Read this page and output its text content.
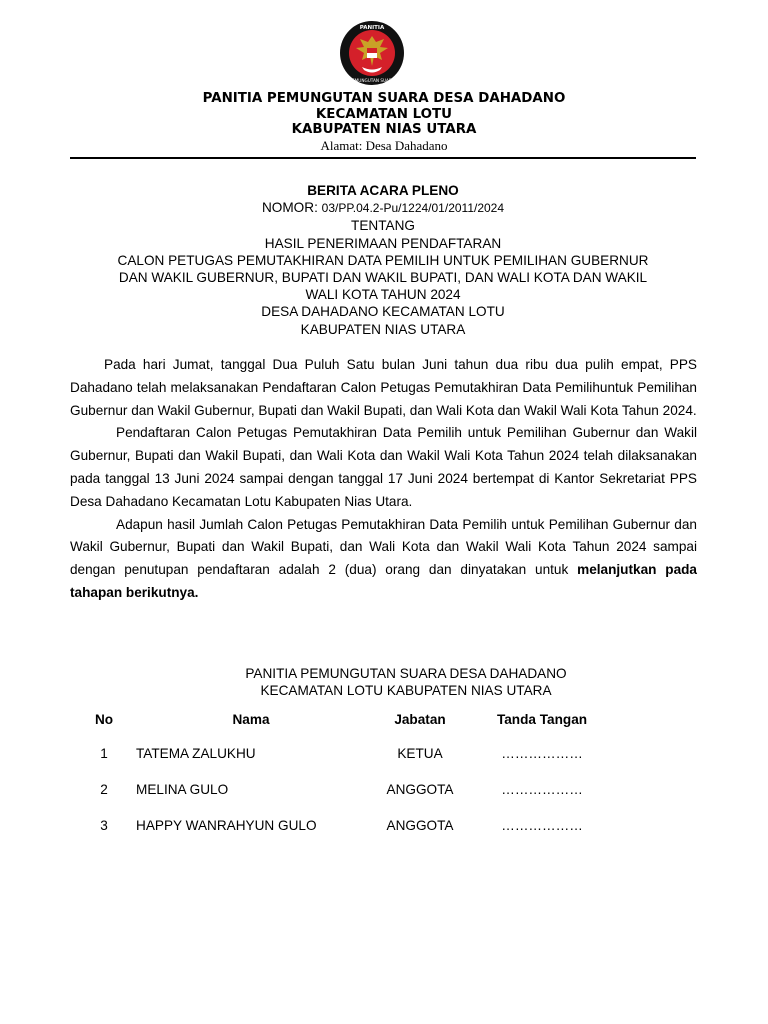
PANITIA
PEMUNGUTAN SUARA
PANITIA PEMUNGUTAN SUARA DESA DAHADANO
KECAMATAN LOTU
KABUPATEN NIAS UTARA
Alamat: Desa Dahadano
BERITA ACARA PLENO
NOMOR: 03/PP.04.2-Pu/1224/01/2011/2024
TENTANG
HASIL PENERIMAAN PENDAFTARAN
CALON PETUGAS PEMUTAKHIRAN DATA PEMILIH UNTUK PEMILIHAN GUBERNUR
DAN WAKIL GUBERNUR, BUPATI DAN WAKIL BUPATI, DAN WALI KOTA DAN WAKIL
WALI KOTA TAHUN 2024
DESA DAHADANO KECAMATAN LOTU
KABUPATEN NIAS UTARA

Pada hari Jumat, tanggal Dua Puluh Satu bulan Juni tahun dua ribu dua pulih empat, PPS Dahadano telah melaksanakan Pendaftaran Calon Petugas Pemutakhiran Data Pemilihuntuk Pemilihan Gubernur dan Wakil Gubernur, Bupati dan Wakil Bupati, dan Wali Kota dan Wakil Wali Kota Tahun 2024.

Pendaftaran Calon Petugas Pemutakhiran Data Pemilih untuk Pemilihan Gubernur dan Wakil Gubernur, Bupati dan Wakil Bupati, dan Wali Kota dan Wakil Wali Kota Tahun 2024 telah dilaksanakan pada tanggal 13 Juni 2024 sampai dengan tanggal 17 Juni 2024 bertempat di Kantor Sekretariat PPS Desa Dahadano Kecamatan Lotu Kabupaten Nias Utara.

Adapun hasil Jumlah Calon Petugas Pemutakhiran Data Pemilih untuk Pemilihan Gubernur dan Wakil Gubernur, Bupati dan Wakil Bupati, dan Wali Kota dan Wakil Wali Kota Tahun 2024 sampai dengan penutupan pendaftaran adalah 2 (dua) orang dan dinyatakan untuk melanjutkan pada tahapan berikutnya.

PANITIA PEMUNGUTAN SUARA DESA DAHADANO
KECAMATAN LOTU KABUPATEN NIAS UTARA
No	Nama	Jabatan	Tanda Tangan
1	TATEMA ZALUKHU	KETUA	………………
2	MELINA GULO	ANGGOTA	………………
3	HAPPY WANRAHYUN GULO	ANGGOTA	………………
